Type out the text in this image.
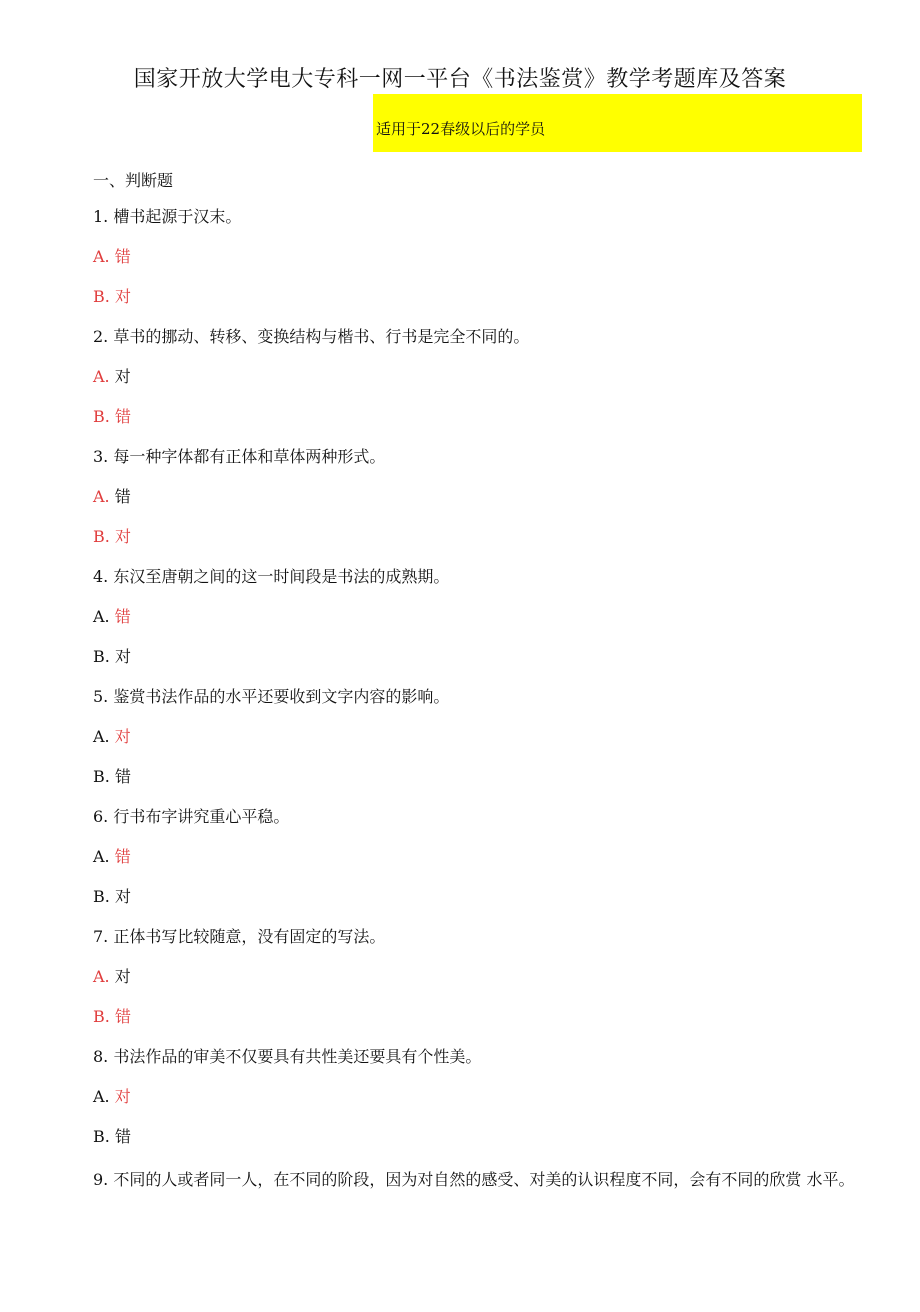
国家开放大学电大专科一网一平台《书法鉴赏》教学考题库及答案
适用于22春级以后的学员
一、判断题
1. 槽书起源于汉末。
A. 错
B. 对
2. 草书的挪动、转移、变换结构与楷书、行书是完全不同的。
A. 对
B. 错
3. 每一种字体都有正体和草体两种形式。
A. 错
B. 对
4. 东汉至唐朝之间的这一时间段是书法的成熟期。
A. 错
B. 对
5. 鉴赏书法作品的水平还要收到文字内容的影响。
A. 对
B. 错
6. 行书布字讲究重心平稳。
A. 错
B. 对
7. 正体书写比较随意，没有固定的写法。
A. 对
B. 错
8. 书法作品的审美不仅要具有共性美还要具有个性美。
A. 对
B. 错
9. 不同的人或者同一人，在不同的阶段，因为对自然的感受、对美的认识程度不同，会有不同的欣赏 水平。
